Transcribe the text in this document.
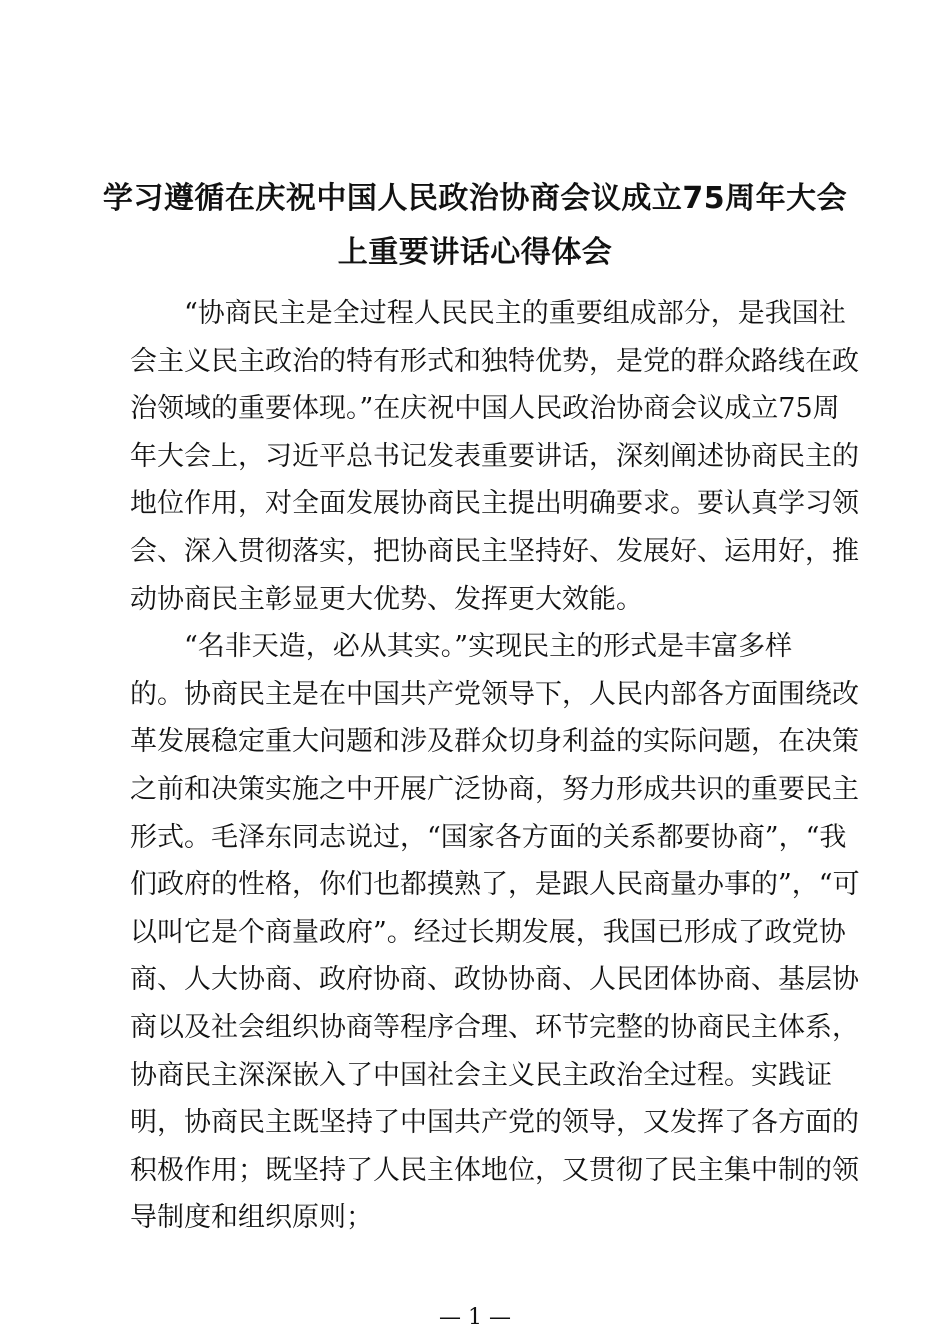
学习遵循在庆祝中国人民政治协商会议成立75周年大会
上重要讲话心得体会
“协商民主是全过程人民民主的重要组成部分，是我国社
会主义民主政治的特有形式和独特优势，是党的群众路线在政
治领域的重要体现。”在庆祝中国人民政治协商会议成立75周
年大会上，习近平总书记发表重要讲话，深刻阐述协商民主的
地位作用，对全面发展协商民主提出明确要求。要认真学习领
会、深入贯彻落实，把协商民主坚持好、发展好、运用好，推
动协商民主彰显更大优势、发挥更大效能。
“名非天造，必从其实。”实现民主的形式是丰富多样
的。协商民主是在中国共产党领导下，人民内部各方面围绕改
革发展稳定重大问题和涉及群众切身利益的实际问题，在决策
之前和决策实施之中开展广泛协商，努力形成共识的重要民主
形式。毛泽东同志说过，“国家各方面的关系都要协商”，“我
们政府的性格，你们也都摸熟了，是跟人民商量办事的”，“可
以叫它是个商量政府”。经过长期发展，我国已形成了政党协
商、人大协商、政府协商、政协协商、人民团体协商、基层协
商以及社会组织协商等程序合理、环节完整的协商民主体系，
协商民主深深嵌入了中国社会主义民主政治全过程。实践证
明，协商民主既坚持了中国共产党的领导，又发挥了各方面的
积极作用；既坚持了人民主体地位，又贯彻了民主集中制的领
导制度和组织原则；
— 1 —
